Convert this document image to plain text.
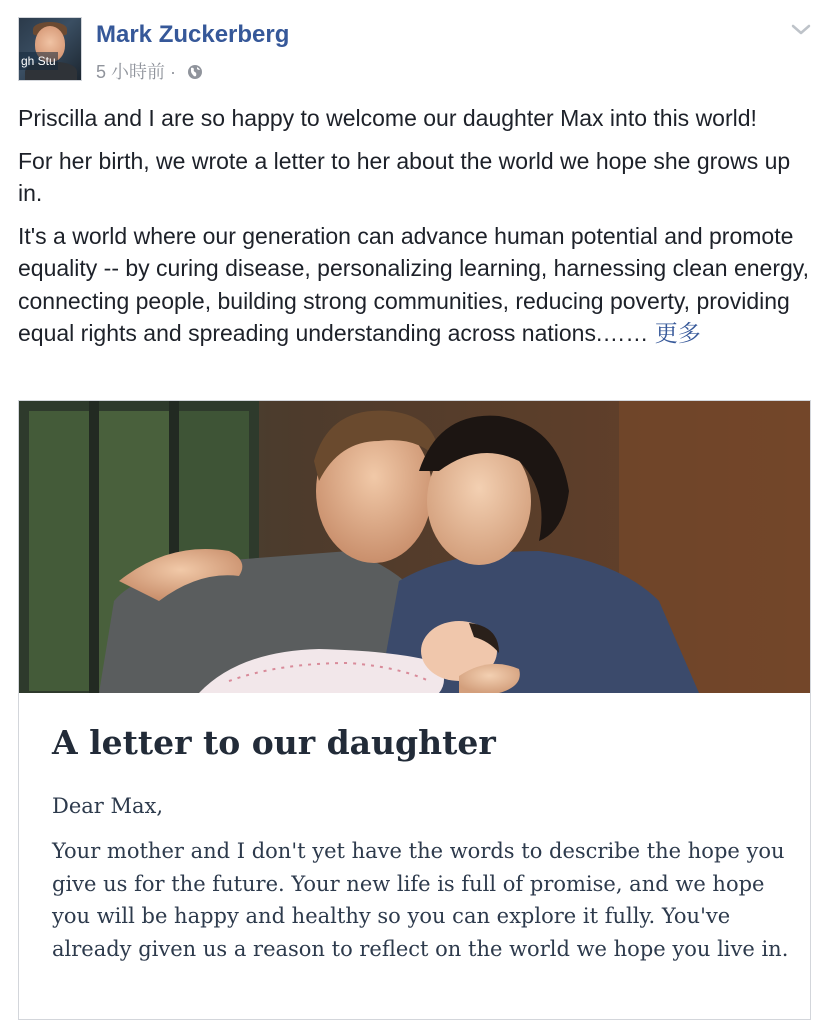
gh Stu
Mark Zuckerberg
5 小時前 ·

Priscilla and I are so happy to welcome our daughter Max into this world!

For her birth, we wrote a letter to her about the world we hope she grows up in.

It's a world where our generation can advance human potential and promote equality -- by curing disease, personalizing learning, harnessing clean energy, connecting people, building strong communities, reducing poverty, providing equal rights and spreading understanding across nations.…… 更多

A letter to our daughter
Dear Max,
Your mother and I don't yet have the words to describe the hope you give us for the future. Your new life is full of promise, and we hope you will be happy and healthy so you can explore it fully. You've already given us a reason to reflect on the world we hope you live in.
